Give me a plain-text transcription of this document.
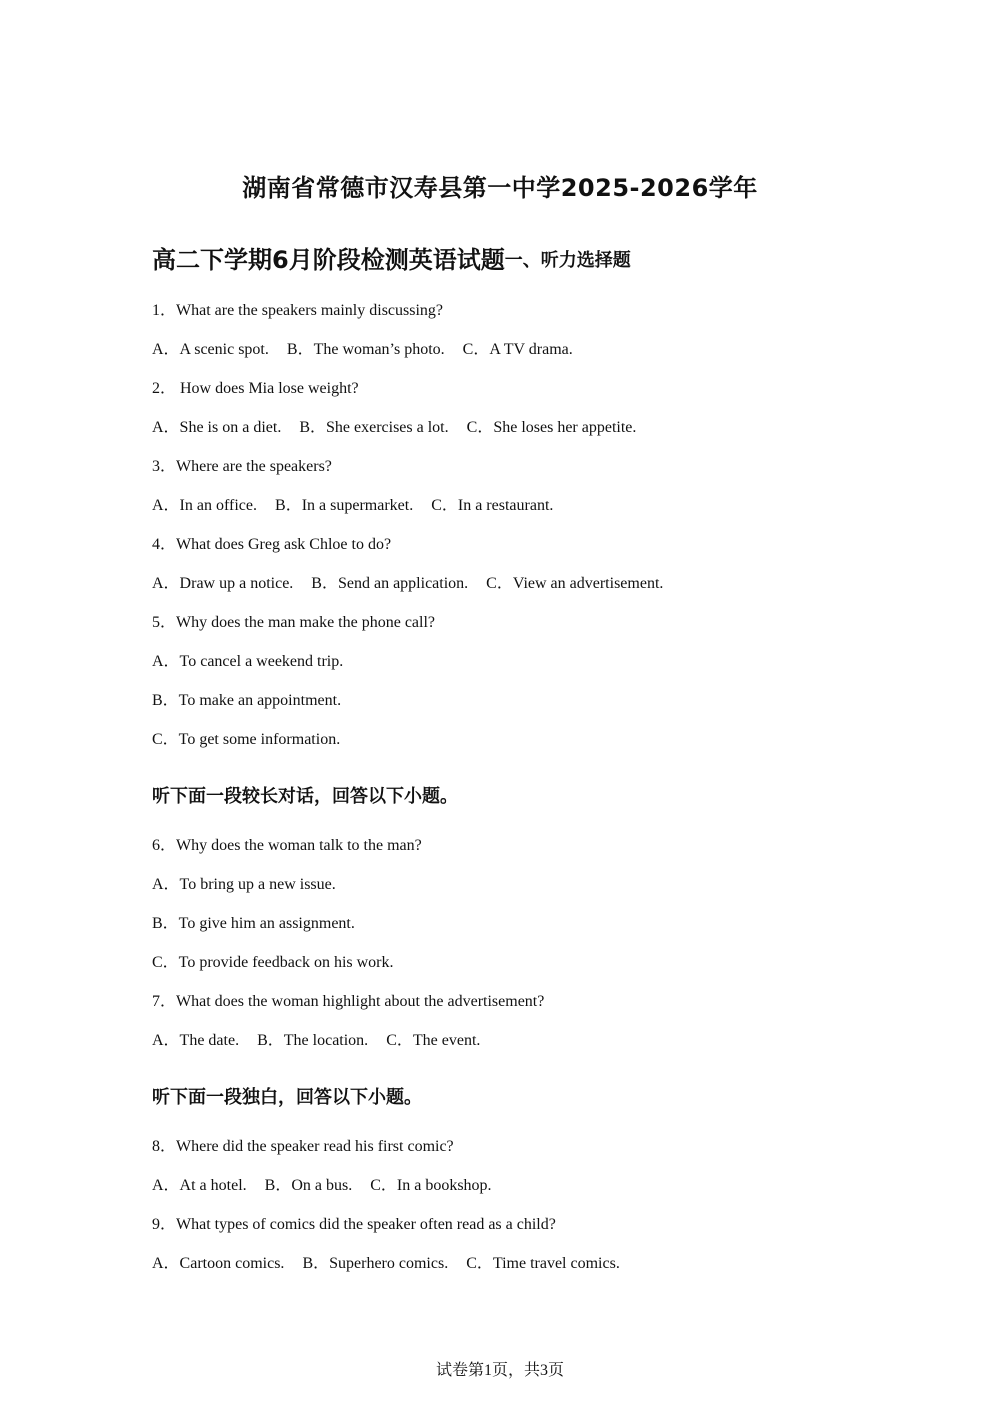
湖南省常德市汉寿县第一中学2025-2026学年
高二下学期6月阶段检测英语试题一、听力选择题
1．What are the speakers mainly discussing?
A．A scenic spot. B．The woman’s photo. C．A TV drama.
2． How does Mia lose weight?
A．She is on a diet. B．She exercises a lot. C．She loses her appetite.
3．Where are the speakers?
A．In an office. B．In a supermarket. C．In a restaurant.
4．What does Greg ask Chloe to do?
A．Draw up a notice. B．Send an application. C．View an advertisement.
5．Why does the man make the phone call?
A．To cancel a weekend trip.
B．To make an appointment.
C．To get some information.
听下面一段较长对话，回答以下小题。
6．Why does the woman talk to the man?
A．To bring up a new issue.
B．To give him an assignment.
C．To provide feedback on his work.
7．What does the woman highlight about the advertisement?
A．The date. B．The location. C．The event.
听下面一段独白，回答以下小题。
8．Where did the speaker read his first comic?
A．At a hotel. B．On a bus. C．In a bookshop.
9．What types of comics did the speaker often read as a child?
A．Cartoon comics. B．Superhero comics. C．Time travel comics.
试卷第1页，共3页
